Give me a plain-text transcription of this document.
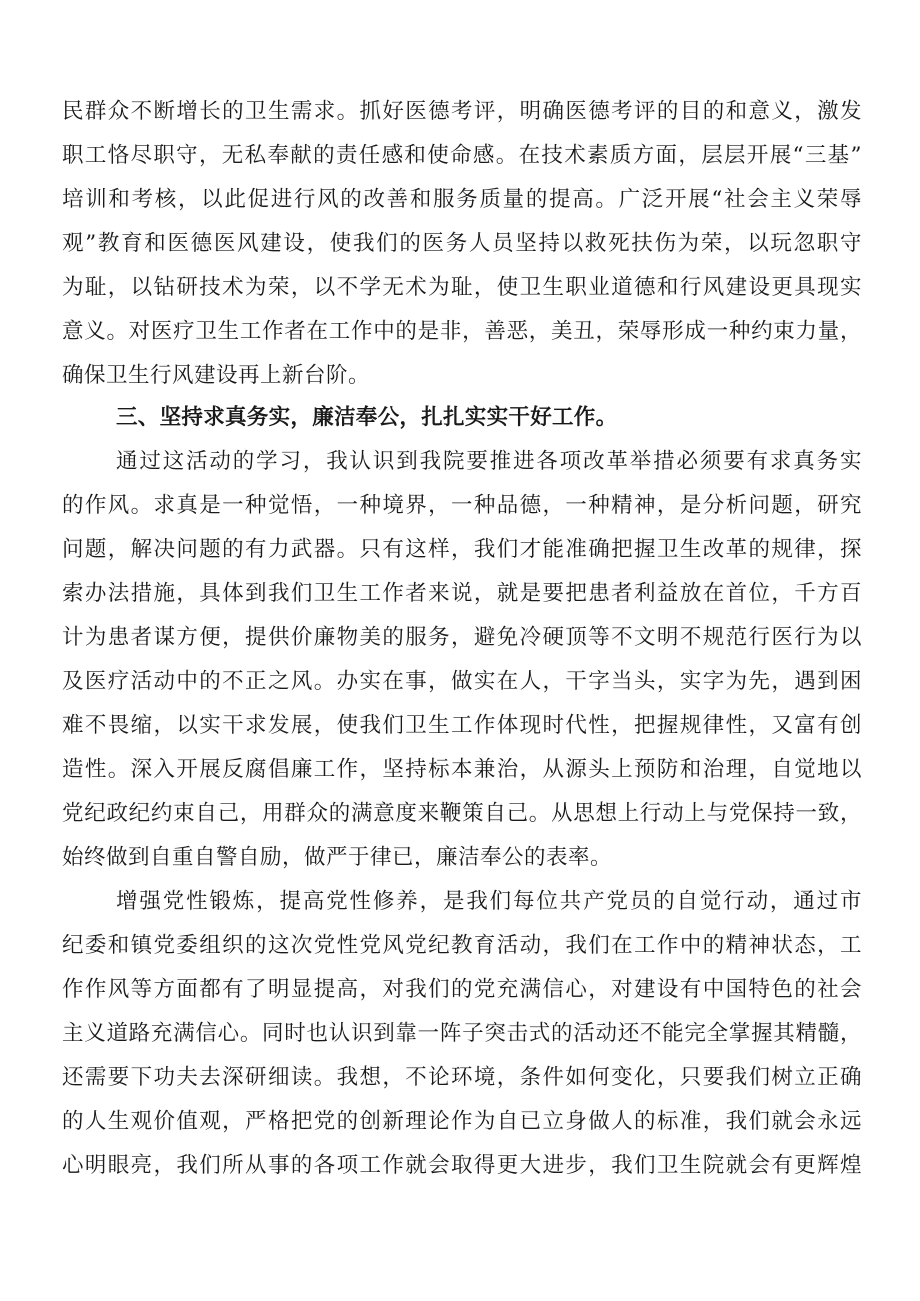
民群众不断增长的卫生需求。抓好医德考评，明确医德考评的目的和意义，激发
职工恪尽职守，无私奉献的责任感和使命感。在技术素质方面，层层开展“三基”
培训和考核，以此促进行风的改善和服务质量的提高。广泛开展“社会主义荣辱
观”教育和医德医风建设，使我们的医务人员坚持以救死扶伤为荣，以玩忽职守
为耻，以钻研技术为荣，以不学无术为耻，使卫生职业道德和行风建设更具现实
意义。对医疗卫生工作者在工作中的是非，善恶，美丑，荣辱形成一种约束力量，
确保卫生行风建设再上新台阶。
三、坚持求真务实，廉洁奉公，扎扎实实干好工作。
通过这活动的学习，我认识到我院要推进各项改革举措必须要有求真务实
的作风。求真是一种觉悟，一种境界，一种品德，一种精神，是分析问题，研究
问题，解决问题的有力武器。只有这样，我们才能准确把握卫生改革的规律，探
索办法措施，具体到我们卫生工作者来说，就是要把患者利益放在首位，千方百
计为患者谋方便，提供价廉物美的服务，避免冷硬顶等不文明不规范行医行为以
及医疗活动中的不正之风。办实在事，做实在人，干字当头，实字为先，遇到困
难不畏缩，以实干求发展，使我们卫生工作体现时代性，把握规律性，又富有创
造性。深入开展反腐倡廉工作，坚持标本兼治，从源头上预防和治理，自觉地以
党纪政纪约束自己，用群众的满意度来鞭策自己。从思想上行动上与党保持一致，
始终做到自重自警自励，做严于律已，廉洁奉公的表率。
增强党性锻炼，提高党性修养，是我们每位共产党员的自觉行动，通过市
纪委和镇党委组织的这次党性党风党纪教育活动，我们在工作中的精神状态，工
作作风等方面都有了明显提高，对我们的党充满信心，对建设有中国特色的社会
主义道路充满信心。同时也认识到靠一阵子突击式的活动还不能完全掌握其精髓，
还需要下功夫去深研细读。我想，不论环境，条件如何变化，只要我们树立正确
的人生观价值观，严格把党的创新理论作为自已立身做人的标准，我们就会永远
心明眼亮，我们所从事的各项工作就会取得更大进步，我们卫生院就会有更辉煌
